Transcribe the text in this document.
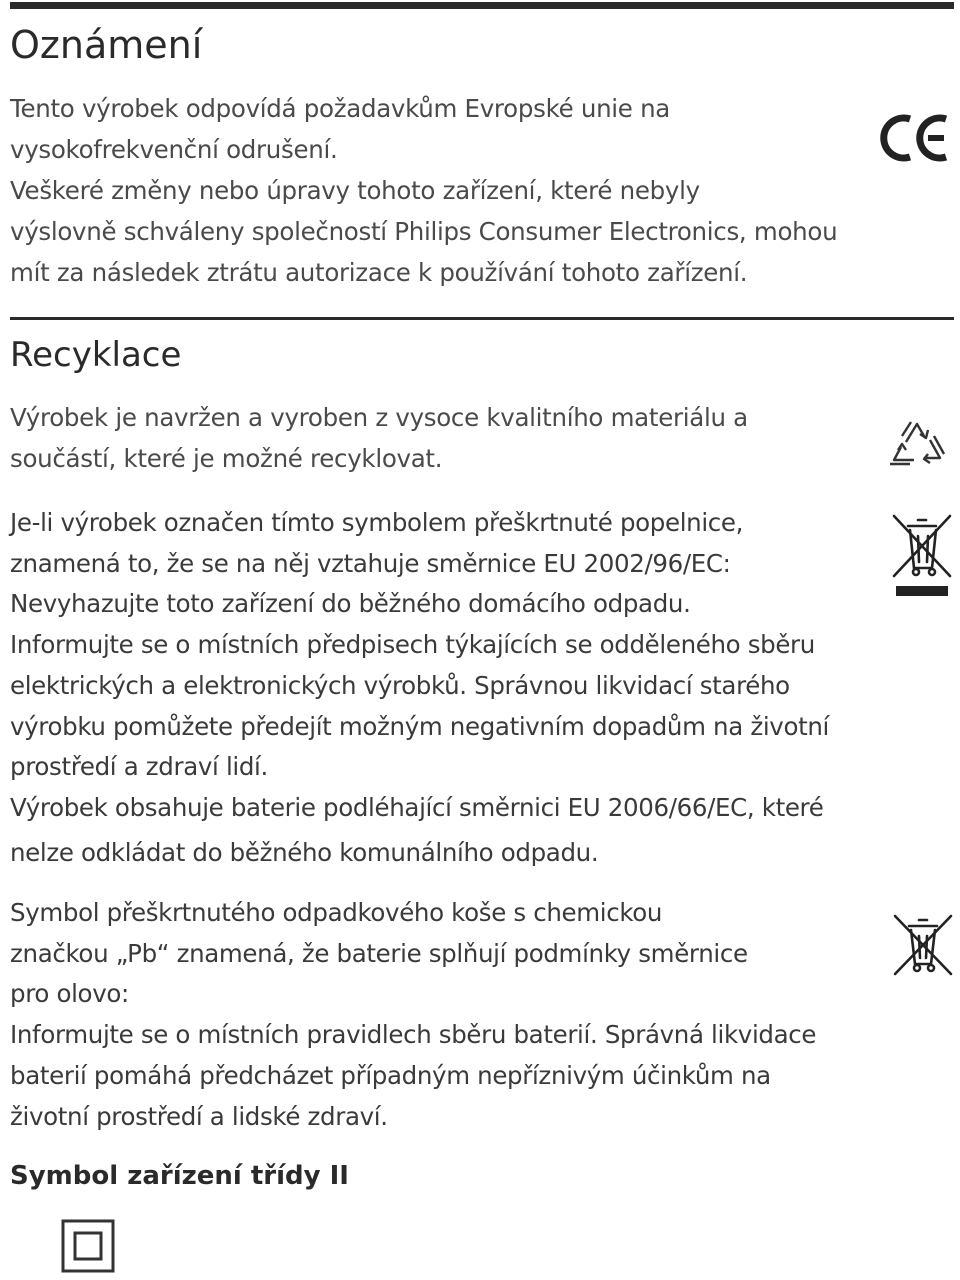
Oznámení
Tento výrobek odpovídá požadavkům Evropské unie na
vysokofrekvenční odrušení.
Veškeré změny nebo úpravy tohoto zařízení, které nebyly
výslovně schváleny společností Philips Consumer Electronics, mohou
mít za následek ztrátu autorizace k používání tohoto zařízení.
Recyklace
Výrobek je navržen a vyroben z vysoce kvalitního materiálu a
součástí, které je možné recyklovat.
Je-li výrobek označen tímto symbolem přeškrtnuté popelnice,
znamená to, že se na něj vztahuje směrnice EU 2002/96/EC:
Nevyhazujte toto zařízení do běžného domácího odpadu.
Informujte se o místních předpisech týkajících se odděleného sběru
elektrických a elektronických výrobků. Správnou likvidací starého
výrobku pomůžete předejít možným negativním dopadům na životní
prostředí a zdraví lidí.
Výrobek obsahuje baterie podléhající směrnici EU 2006/66/EC, které
nelze odkládat do běžného komunálního odpadu.
Symbol přeškrtnutého odpadkového koše s chemickou
značkou „Pb“ znamená, že baterie splňují podmínky směrnice
pro olovo:
Informujte se o místních pravidlech sběru baterií. Správná likvidace
baterií pomáhá předcházet případným nepříznivým účinkům na
životní prostředí a lidské zdraví.
Symbol zařízení třídy II
